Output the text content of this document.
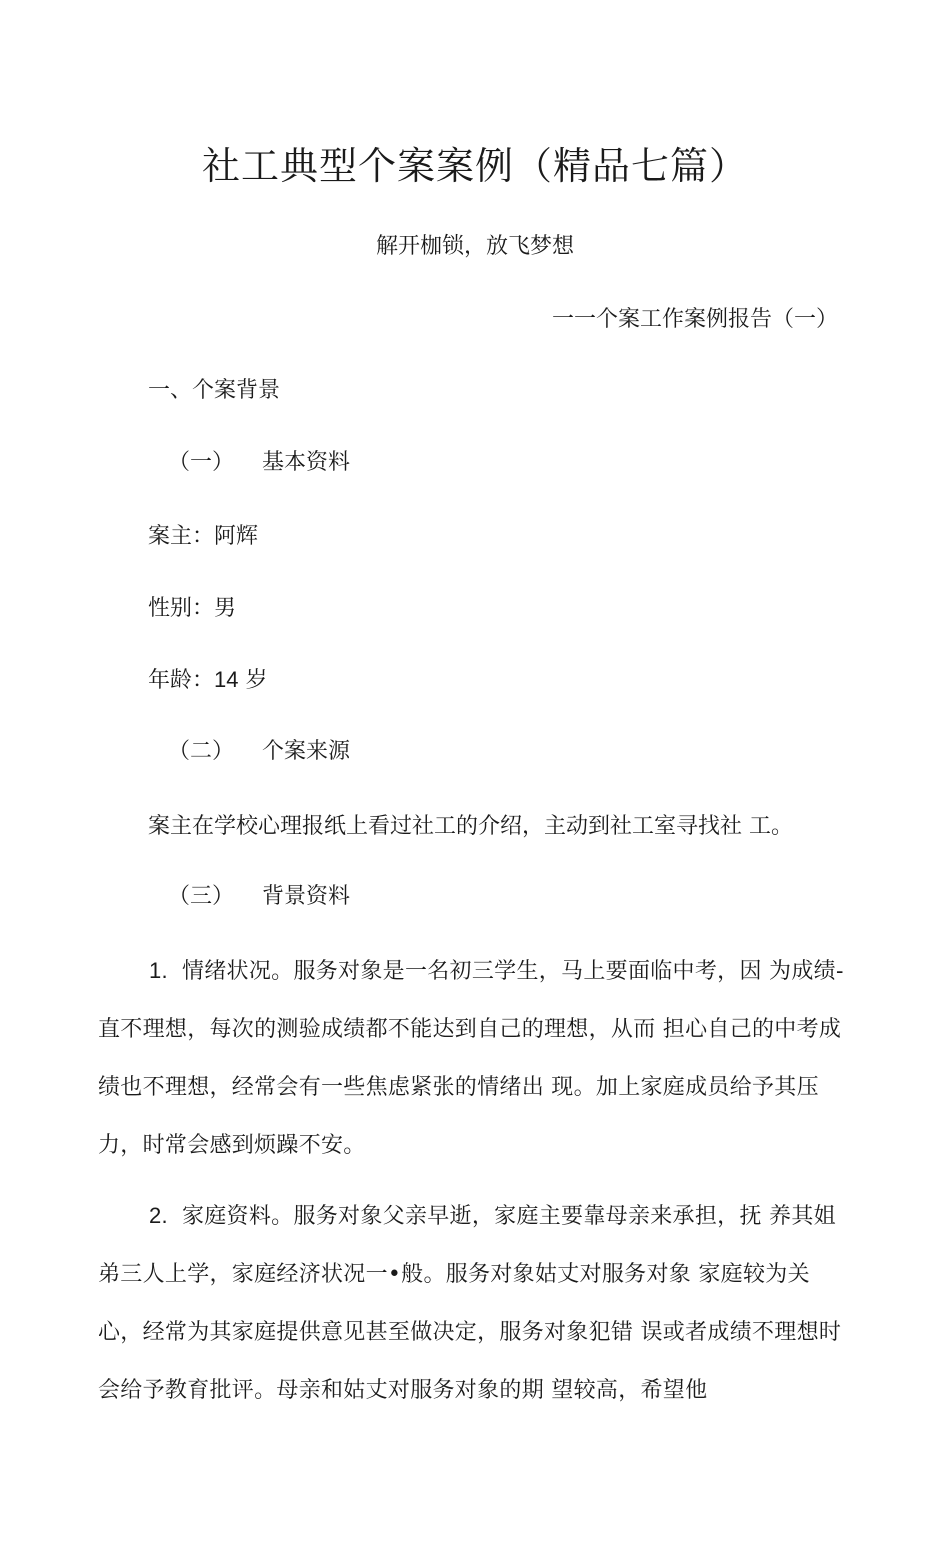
社工典型个案案例（精品七篇）

解开枷锁，放飞梦想

一一个案工作案例报告（一）

一、个案背景

（一） 基本资料

案主：阿辉

性别：男

年龄：14 岁

（二） 个案来源

案主在学校心理报纸上看过社工的介绍，主动到社工室寻找社 工。

（三） 背景资料

1. 情绪状况。服务对象是一名初三学生，马上要面临中考，因 为成绩-直不理想，每次的测验成绩都不能达到自己的理想，从而 担心自己的中考成绩也不理想，经常会有一些焦虑紧张的情绪出 现。加上家庭成员给予其压力，时常会感到烦躁不安。

2. 家庭资料。服务对象父亲早逝，家庭主要靠母亲来承担，抚 养其姐弟三人上学，家庭经济状况一•般。服务对象姑丈对服务对象 家庭较为关心，经常为其家庭提供意见甚至做决定，服务对象犯错 误或者成绩不理想时会给予教育批评。母亲和姑丈对服务对象的期 望较高，希望他
